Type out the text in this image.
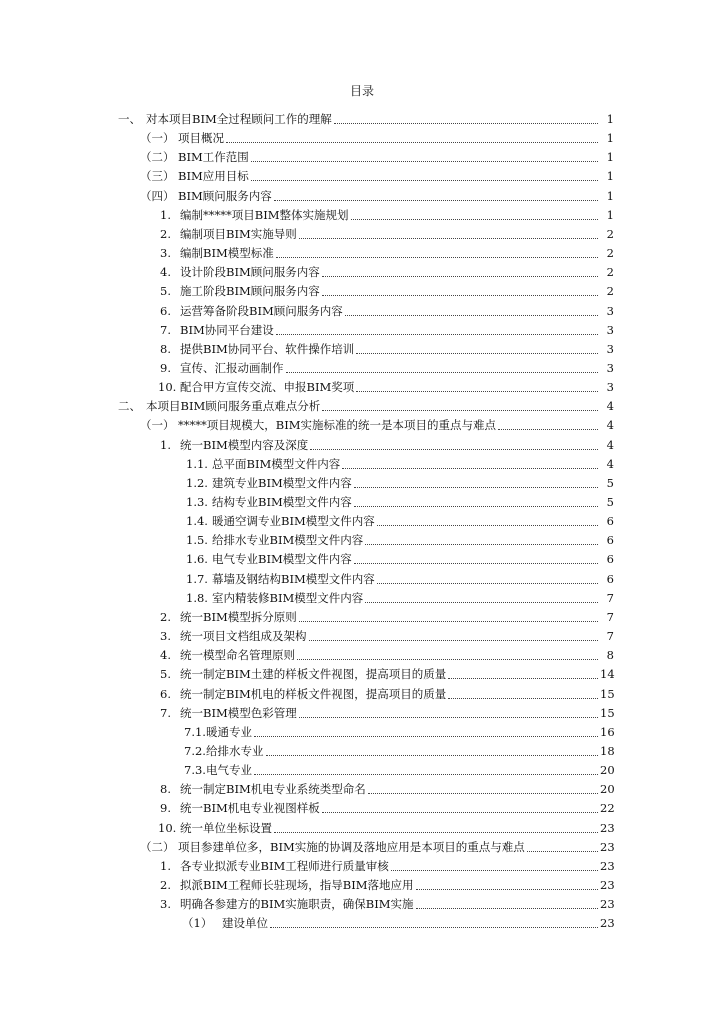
目录
一、 对本项目BIM全过程顾问工作的理解	1
（一） 项目概况	1
（二） BIM工作范围	1
（三） BIM应用目标	1
（四） BIM顾问服务内容	1
1. 编制*****项目BIM整体实施规划	1
2. 编制项目BIM实施导则	2
3. 编制BIM模型标准	2
4. 设计阶段BIM顾问服务内容	2
5. 施工阶段BIM顾问服务内容	2
6. 运营筹备阶段BIM顾问服务内容	3
7. BIM协同平台建设	3
8. 提供BIM协同平台、软件操作培训	3
9. 宣传、汇报动画制作	3
10. 配合甲方宣传交流、申报BIM奖项	3
二、 本项目BIM顾问服务重点难点分析	4
（一） *****项目规模大，BIM实施标准的统一是本项目的重点与难点	4
1. 统一BIM模型内容及深度	4
1.1. 总平面BIM模型文件内容	4
1.2. 建筑专业BIM模型文件内容	5
1.3. 结构专业BIM模型文件内容	5
1.4. 暖通空调专业BIM模型文件内容	6
1.5. 给排水专业BIM模型文件内容	6
1.6. 电气专业BIM模型文件内容	6
1.7. 幕墙及钢结构BIM模型文件内容	6
1.8. 室内精装修BIM模型文件内容	7
2. 统一BIM模型拆分原则	7
3. 统一项目文档组成及架构	7
4. 统一模型命名管理原则	8
5. 统一制定BIM土建的样板文件视图，提高项目的质量	14
6. 统一制定BIM机电的样板文件视图，提高项目的质量	15
7. 统一BIM模型色彩管理	15
7.1. 暖通专业	16
7.2. 给排水专业	18
7.3. 电气专业	20
8. 统一制定BIM机电专业系统类型命名	20
9. 统一BIM机电专业视图样板	22
10. 统一单位坐标设置	23
（二） 项目参建单位多，BIM实施的协调及落地应用是本项目的重点与难点	23
1. 各专业拟派专业BIM工程师进行质量审核	23
2. 拟派BIM工程师长驻现场，指导BIM落地应用	23
3. 明确各参建方的BIM实施职责，确保BIM实施	23
（1） 建设单位	23
